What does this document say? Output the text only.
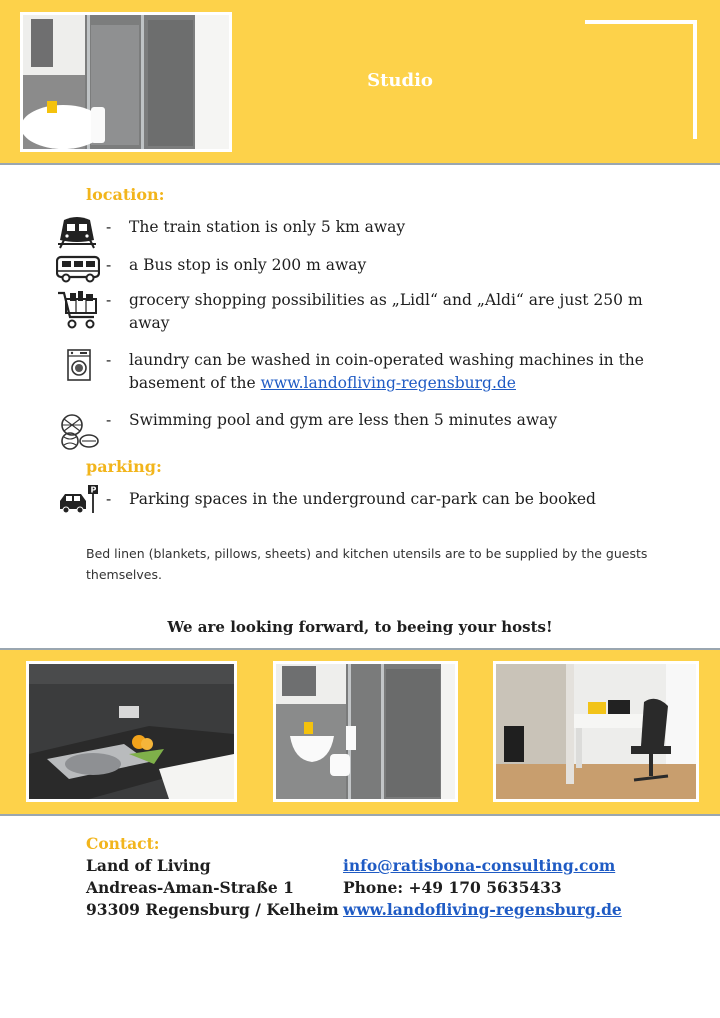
Studio
location:
- The train station is only 5 km away
- a Bus stop is only 200 m away
- grocery shopping possibilities as „Lidl“ and „Aldi“ are just 250 m away
- laundry can be washed in coin-operated washing machines in the basement of the www.landofliving-regensburg.de
- Swimming pool and gym are less then 5 minutes away
parking:
P - Parking spaces in the underground car-park can be booked
Bed linen (blankets, pillows, sheets) and kitchen utensils are to be supplied by the guests themselves.
We are looking forward, to beeing your hosts!
Contact:
Land of Living
Andreas-Aman-Straße 1
93309 Regensburg / Kelheim
info@ratisbona-consulting.com
Phone: +49 170 5635433
www.landofliving-regensburg.de
